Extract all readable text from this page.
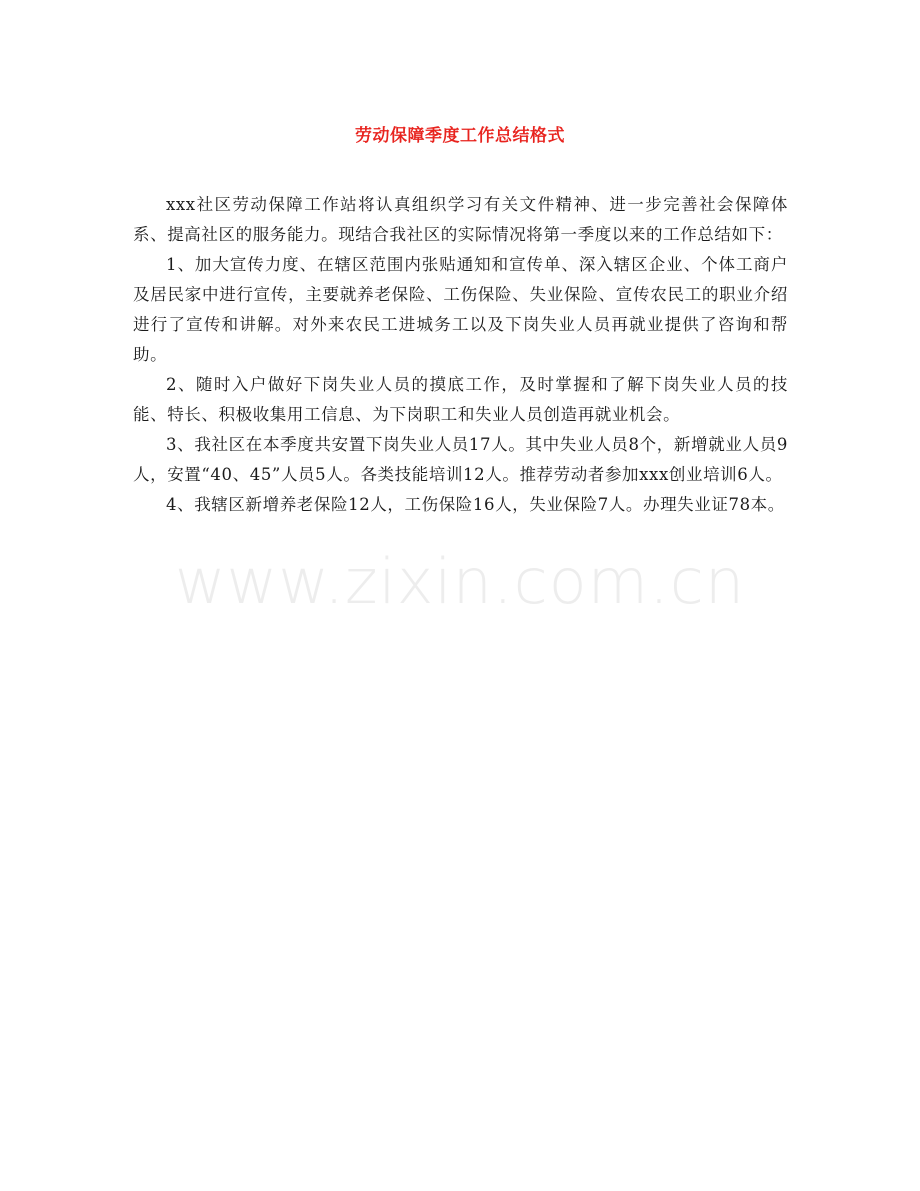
www.zixin.com.cn
劳动保障季度工作总结格式

xxx社区劳动保障工作站将认真组织学习有关文件精神、进一步完善社会保障体系、提高社区的服务能力。现结合我社区的实际情况将第一季度以来的工作总结如下：

1、加大宣传力度、在辖区范围内张贴通知和宣传单、深入辖区企业、个体工商户及居民家中进行宣传，主要就养老保险、工伤保险、失业保险、宣传农民工的职业介绍进行了宣传和讲解。对外来农民工进城务工以及下岗失业人员再就业提供了咨询和帮助。

2、随时入户做好下岗失业人员的摸底工作，及时掌握和了解下岗失业人员的技能、特长、积极收集用工信息、为下岗职工和失业人员创造再就业机会。

3、我社区在本季度共安置下岗失业人员17人。其中失业人员8个，新增就业人员9人，安置“40、45”人员5人。各类技能培训12人。推荐劳动者参加xxx创业培训6人。

4、我辖区新增养老保险12人，工伤保险16人，失业保险7人。办理失业证78本。
